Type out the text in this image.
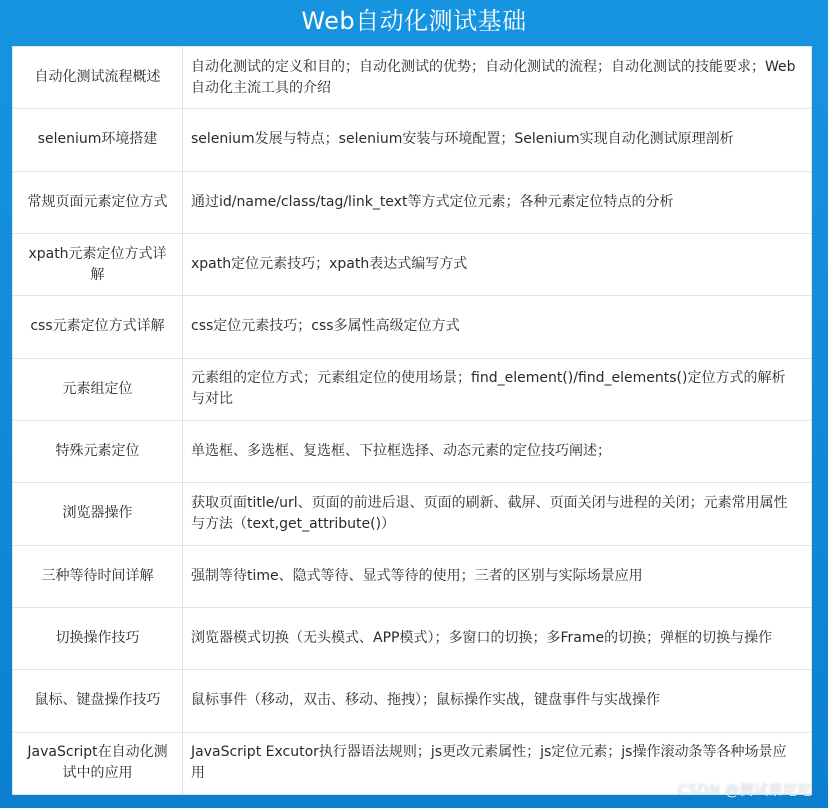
Web自动化测试基础
自动化测试流程概述	自动化测试的定义和目的；自动化测试的优势；自动化测试的流程；自动化测试的技能要求；Web自动化主流工具的介绍
selenium环境搭建	selenium发展与特点；selenium安装与环境配置；Selenium实现自动化测试原理剖析
常规页面元素定位方式	通过id/name/class/tag/link_text等方式定位元素；各种元素定位特点的分析
xpath元素定位方式详解	xpath定位元素技巧；xpath表达式编写方式
css元素定位方式详解	css定位元素技巧；css多属性高级定位方式
元素组定位	元素组的定位方式；元素组定位的使用场景；find_element()/find_elements()定位方式的解析与对比
特殊元素定位	单选框、多选框、复选框、下拉框选择、动态元素的定位技巧阐述；
浏览器操作	获取页面title/url、页面的前进后退、页面的刷新、截屏、页面关闭与进程的关闭；元素常用属性与方法（text,get_attribute()）
三种等待时间详解	强制等待time、隐式等待、显式等待的使用；三者的区别与实际场景应用
切换操作技巧	浏览器模式切换（无头模式、APP模式）；多窗口的切换；多Frame的切换；弹框的切换与操作
鼠标、键盘操作技巧	鼠标事件（移动，双击、移动、拖拽）；鼠标操作实战，键盘事件与实战操作
JavaScript在自动化测试中的应用	JavaScript Excutor执行器语法规则；js更改元素属性；js定位元素；js操作滚动条等各种场景应用
CSDN @测试蔡坨坨
